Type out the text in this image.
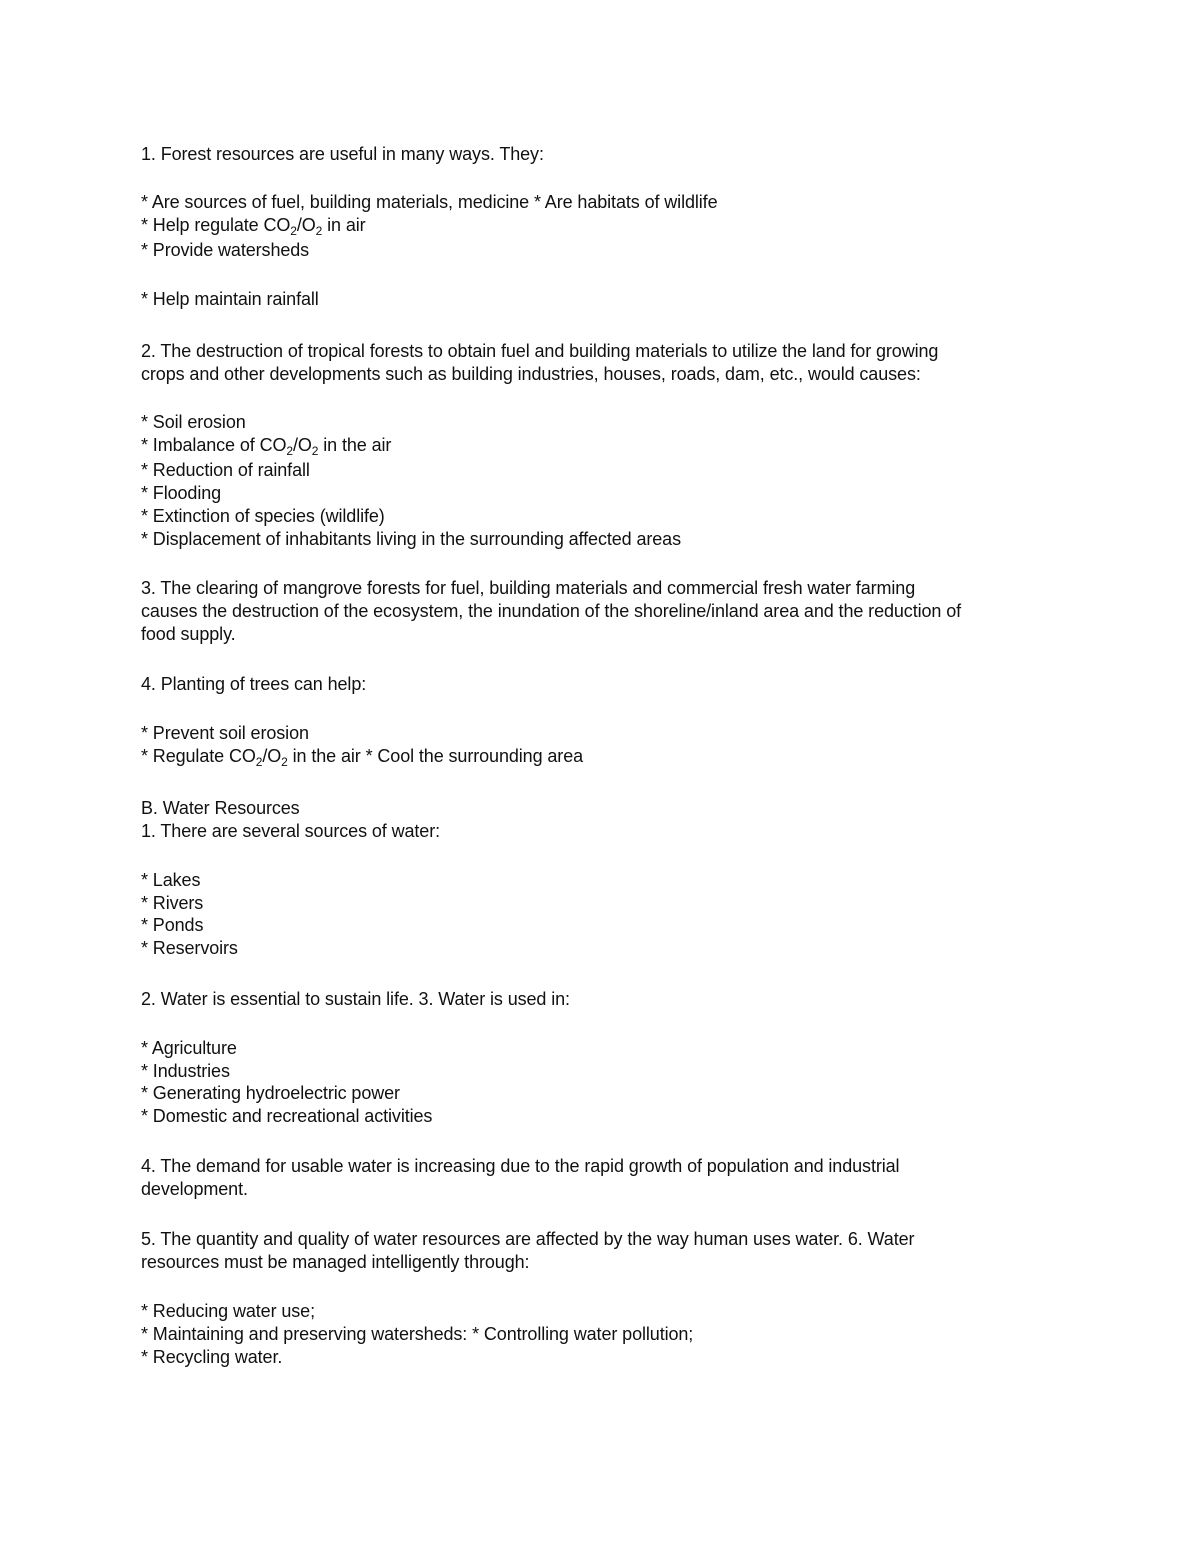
1. Forest resources are useful in many ways. They:
* Are sources of fuel, building materials, medicine * Are habitats of wildlife
* Help regulate $CO_2/O_2$ in air
* Provide watersheds
* Help maintain rainfall
2. The destruction of tropical forests to obtain fuel and building materials to utilize the land for growing
crops and other developments such as building industries, houses, roads, dam, etc., would causes:
* Soil erosion
* Imbalance of $CO_2/O_2$ in the air
* Reduction of rainfall
* Flooding
* Extinction of species (wildlife)
* Displacement of inhabitants living in the surrounding affected areas
3. The clearing of mangrove forests for fuel, building materials and commercial fresh water farming
causes the destruction of the ecosystem, the inundation of the shoreline/inland area and the reduction of
food supply.
4. Planting of trees can help:
* Prevent soil erosion
* Regulate $CO_2/O_2$ in the air * Cool the surrounding area
B. Water Resources
1. There are several sources of water:
* Lakes
* Rivers
* Ponds
* Reservoirs
2. Water is essential to sustain life. 3. Water is used in:
* Agriculture
* Industries
* Generating hydroelectric power
* Domestic and recreational activities
4. The demand for usable water is increasing due to the rapid growth of population and industrial
development.
5. The quantity and quality of water resources are affected by the way human uses water. 6. Water
resources must be managed intelligently through:
* Reducing water use;
* Maintaining and preserving watersheds: * Controlling water pollution;
* Recycling water.
